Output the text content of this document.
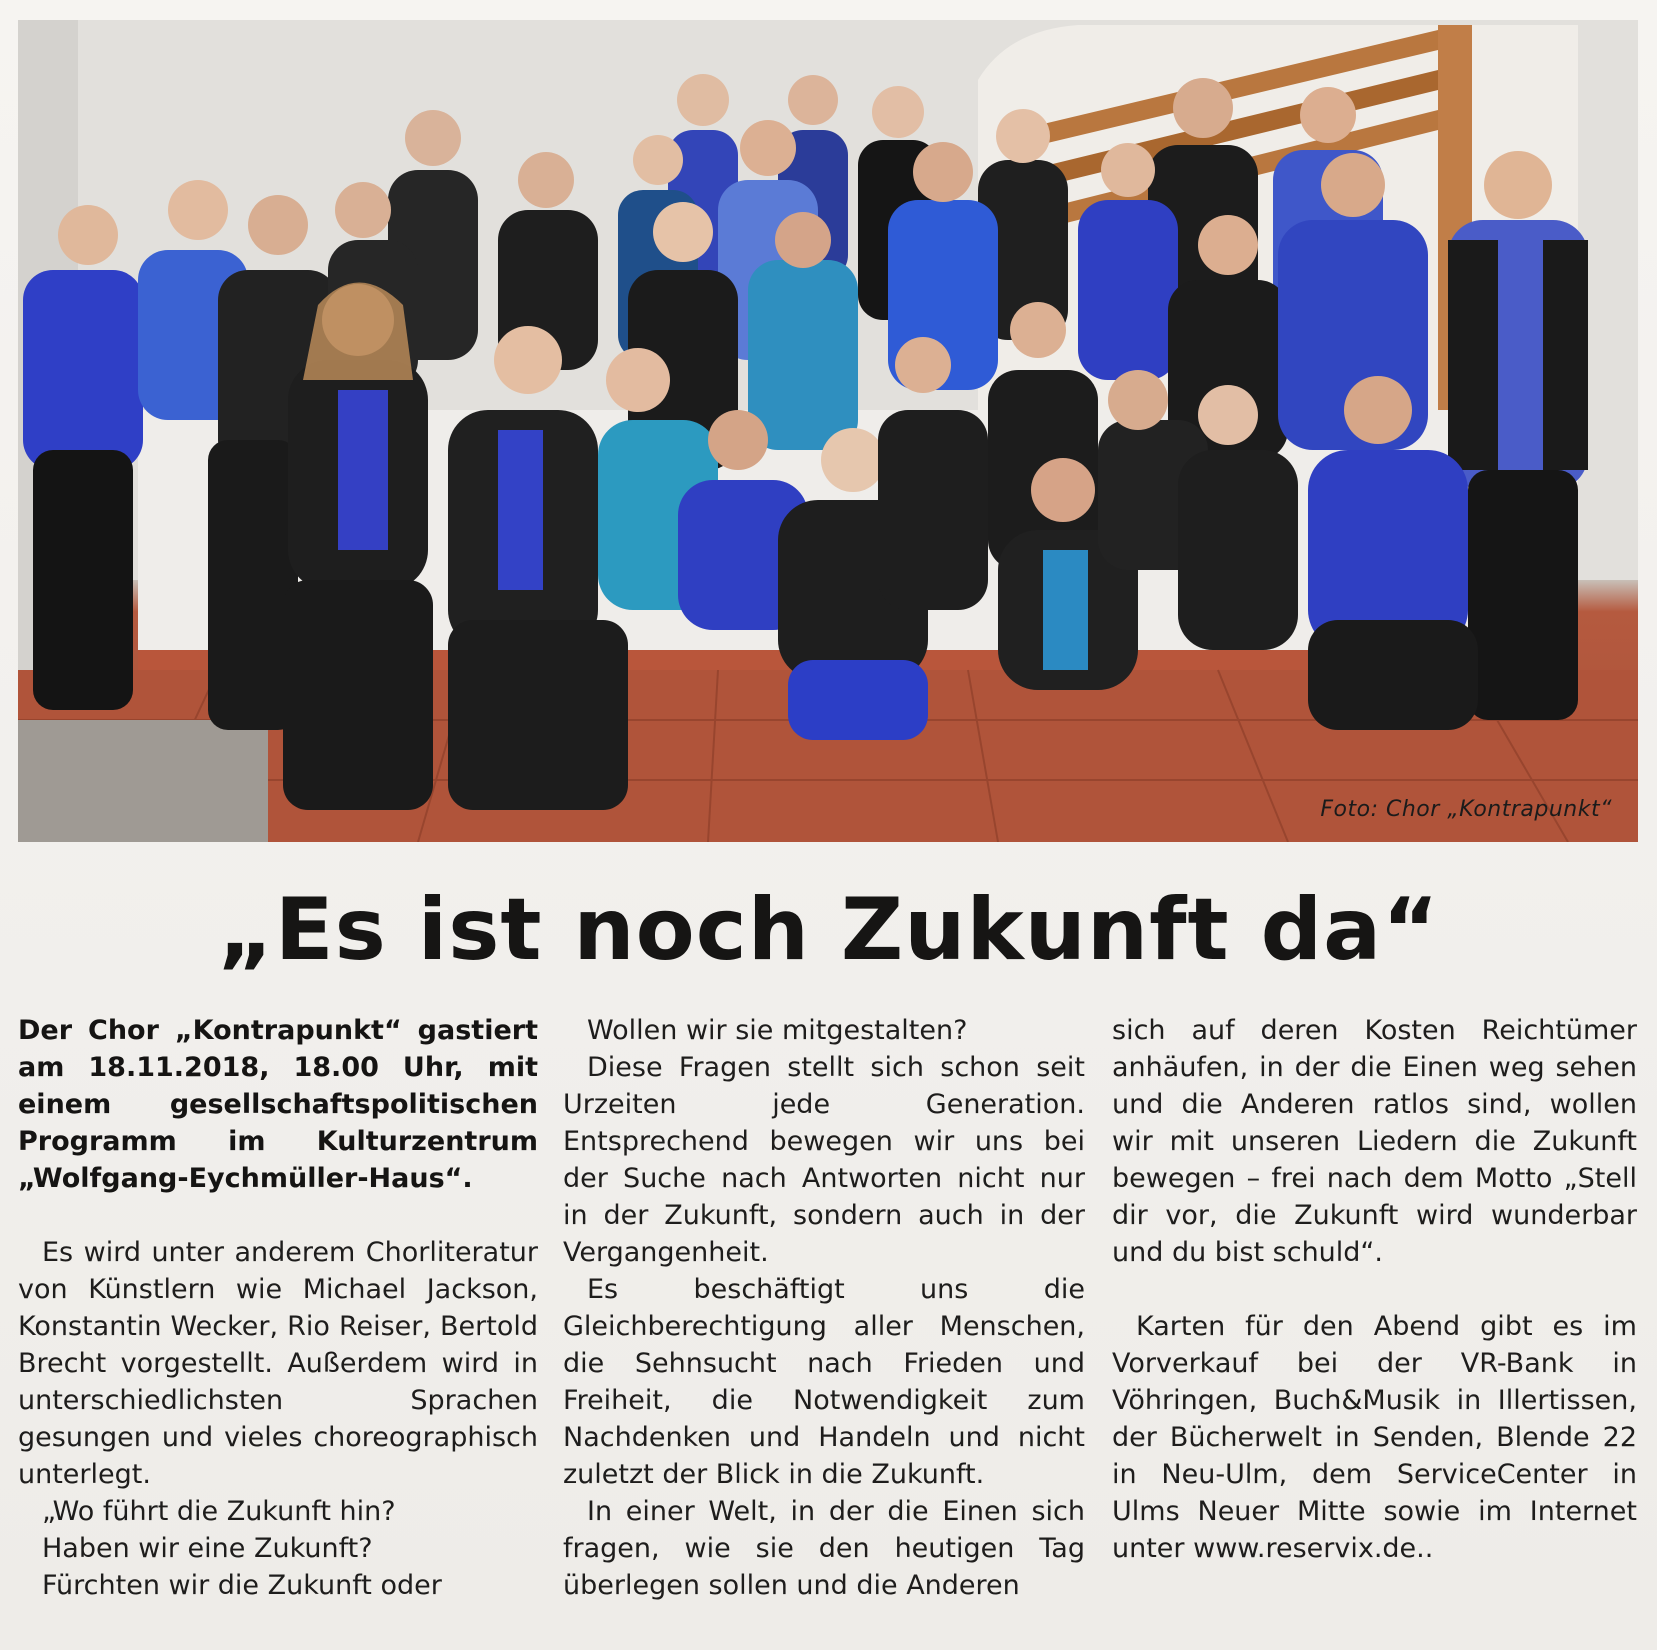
Foto: Chor „Kontrapunkt“
„Es ist noch Zukunft da“

Der Chor „Kontrapunkt“ gastiert am 18.11.2018, 18.00 Uhr, mit einem gesellschaftspolitischen Programm im Kulturzentrum „Wolfgang-Eychmüller-Haus“.

Es wird unter anderem Chorliteratur von Künstlern wie Michael Jackson, Konstantin Wecker, Rio Reiser, Bertold Brecht vorgestellt. Außerdem wird in unterschiedlichsten Sprachen gesungen und vieles choreographisch unterlegt.

„Wo führt die Zukunft hin?

Haben wir eine Zukunft?

Fürchten wir die Zukunft oder

Wollen wir sie mitgestalten?

Diese Fragen stellt sich schon seit Urzeiten jede Generation. Entsprechend bewegen wir uns bei der Suche nach Antworten nicht nur in der Zukunft, sondern auch in der Vergangenheit.

Es beschäftigt uns die Gleichberechtigung aller Menschen, die Sehnsucht nach Frieden und Freiheit, die Notwendigkeit zum Nachdenken und Handeln und nicht zuletzt der Blick in die Zukunft.

In einer Welt, in der die Einen sich fragen, wie sie den heutigen Tag überlegen sollen und die Anderen

sich auf deren Kosten Reichtümer anhäufen, in der die Einen weg sehen und die Anderen ratlos sind, wollen wir mit unseren Liedern die Zukunft bewegen – frei nach dem Motto „Stell dir vor, die Zukunft wird wunderbar und du bist schuld“.

Karten für den Abend gibt es im Vorverkauf bei der VR-Bank in Vöhringen, Buch&Musik in Illertissen, der Bücherwelt in Senden, Blende 22 in Neu-Ulm, dem ServiceCenter in Ulms Neuer Mitte sowie im Internet unter www.reservix.de..
